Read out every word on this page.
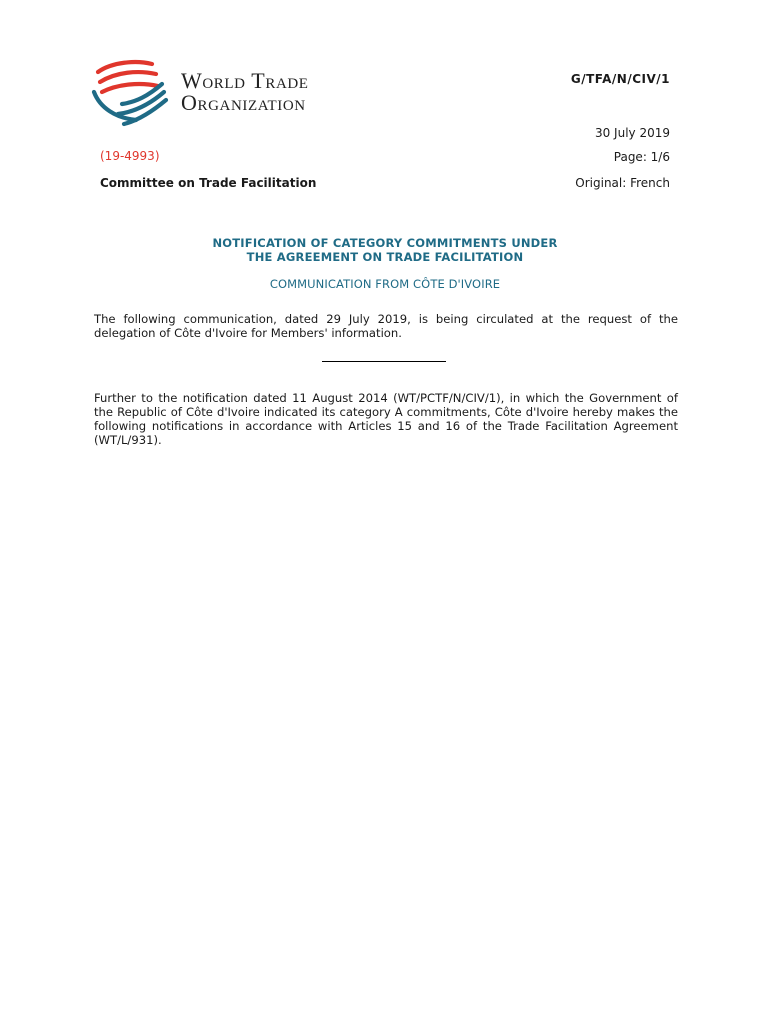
World Trade
Organization
G/TFA/N/CIV/1
30 July 2019
(19-4993)	Page: 1/6
Committee on Trade Facilitation	Original: French
NOTIFICATION OF CATEGORY COMMITMENTS UNDER
THE AGREEMENT ON TRADE FACILITATION
COMMUNICATION FROM CÔTE D'IVOIRE
The following communication, dated 29 July 2019, is being circulated at the request of the delegation of Côte d'Ivoire for Members' information.
Further to the notification dated 11 August 2014 (WT/PCTF/N/CIV/1), in which the Government of the Republic of Côte d'Ivoire indicated its category A commitments, Côte d'Ivoire hereby makes the following notifications in accordance with Articles 15 and 16 of the Trade Facilitation Agreement (WT/L/931).
